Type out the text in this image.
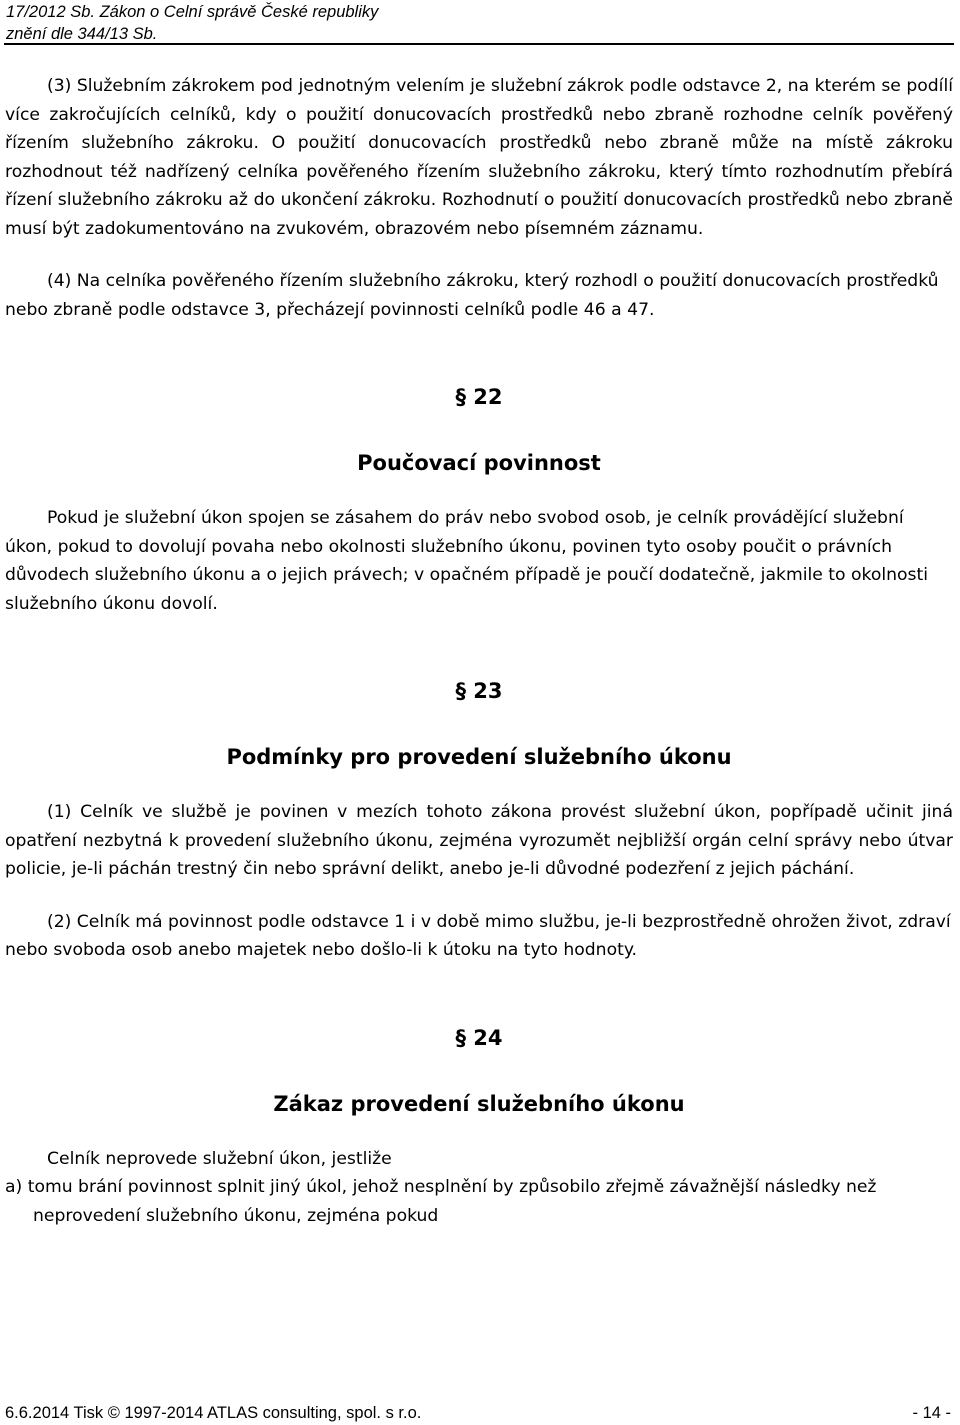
17/2012 Sb. Zákon o Celní správě České republiky
znění dle 344/13 Sb.

(3) Služebním zákrokem pod jednotným velením je služební zákrok podle odstavce 2, na kterém se podílí více zakročujících celníků, kdy o použití donucovacích prostředků nebo zbraně rozhodne celník pověřený řízením služebního zákroku. O použití donucovacích prostředků nebo zbraně může na místě zákroku rozhodnout též nadřízený celníka pověřeného řízením služebního zákroku, který tímto rozhodnutím přebírá řízení služebního zákroku až do ukončení zákroku. Rozhodnutí o použití donucovacích prostředků nebo zbraně musí být zadokumentováno na zvukovém, obrazovém nebo písemném záznamu.

(4) Na celníka pověřeného řízením služebního zákroku, který rozhodl o použití donucovacích prostředků nebo zbraně podle odstavce 3, přecházejí povinnosti celníků podle 46 a 47.

§ 22

Poučovací povinnost

Pokud je služební úkon spojen se zásahem do práv nebo svobod osob, je celník provádějící služební úkon, pokud to dovolují povaha nebo okolnosti služebního úkonu, povinen tyto osoby poučit o právních důvodech služebního úkonu a o jejich právech; v opačném případě je poučí dodatečně, jakmile to okolnosti služebního úkonu dovolí.

§ 23

Podmínky pro provedení služebního úkonu

(1) Celník ve službě je povinen v mezích tohoto zákona provést služební úkon, popřípadě učinit jiná opatření nezbytná k provedení služebního úkonu, zejména vyrozumět nejbližší orgán celní správy nebo útvar policie, je-li páchán trestný čin nebo správní delikt, anebo je-li důvodné podezření z jejich páchání.

(2) Celník má povinnost podle odstavce 1 i v době mimo službu, je-li bezprostředně ohrožen život, zdraví nebo svoboda osob anebo majetek nebo došlo-li k útoku na tyto hodnoty.

§ 24

Zákaz provedení služebního úkonu

Celník neprovede služební úkon, jestliže

a) tomu brání povinnost splnit jiný úkol, jehož nesplnění by způsobilo zřejmě závažnější následky než neprovedení služebního úkonu, zejména pokud

6.6.2014 Tisk © 1997-2014 ATLAS consulting, spol. s r.o.	- 14 -
